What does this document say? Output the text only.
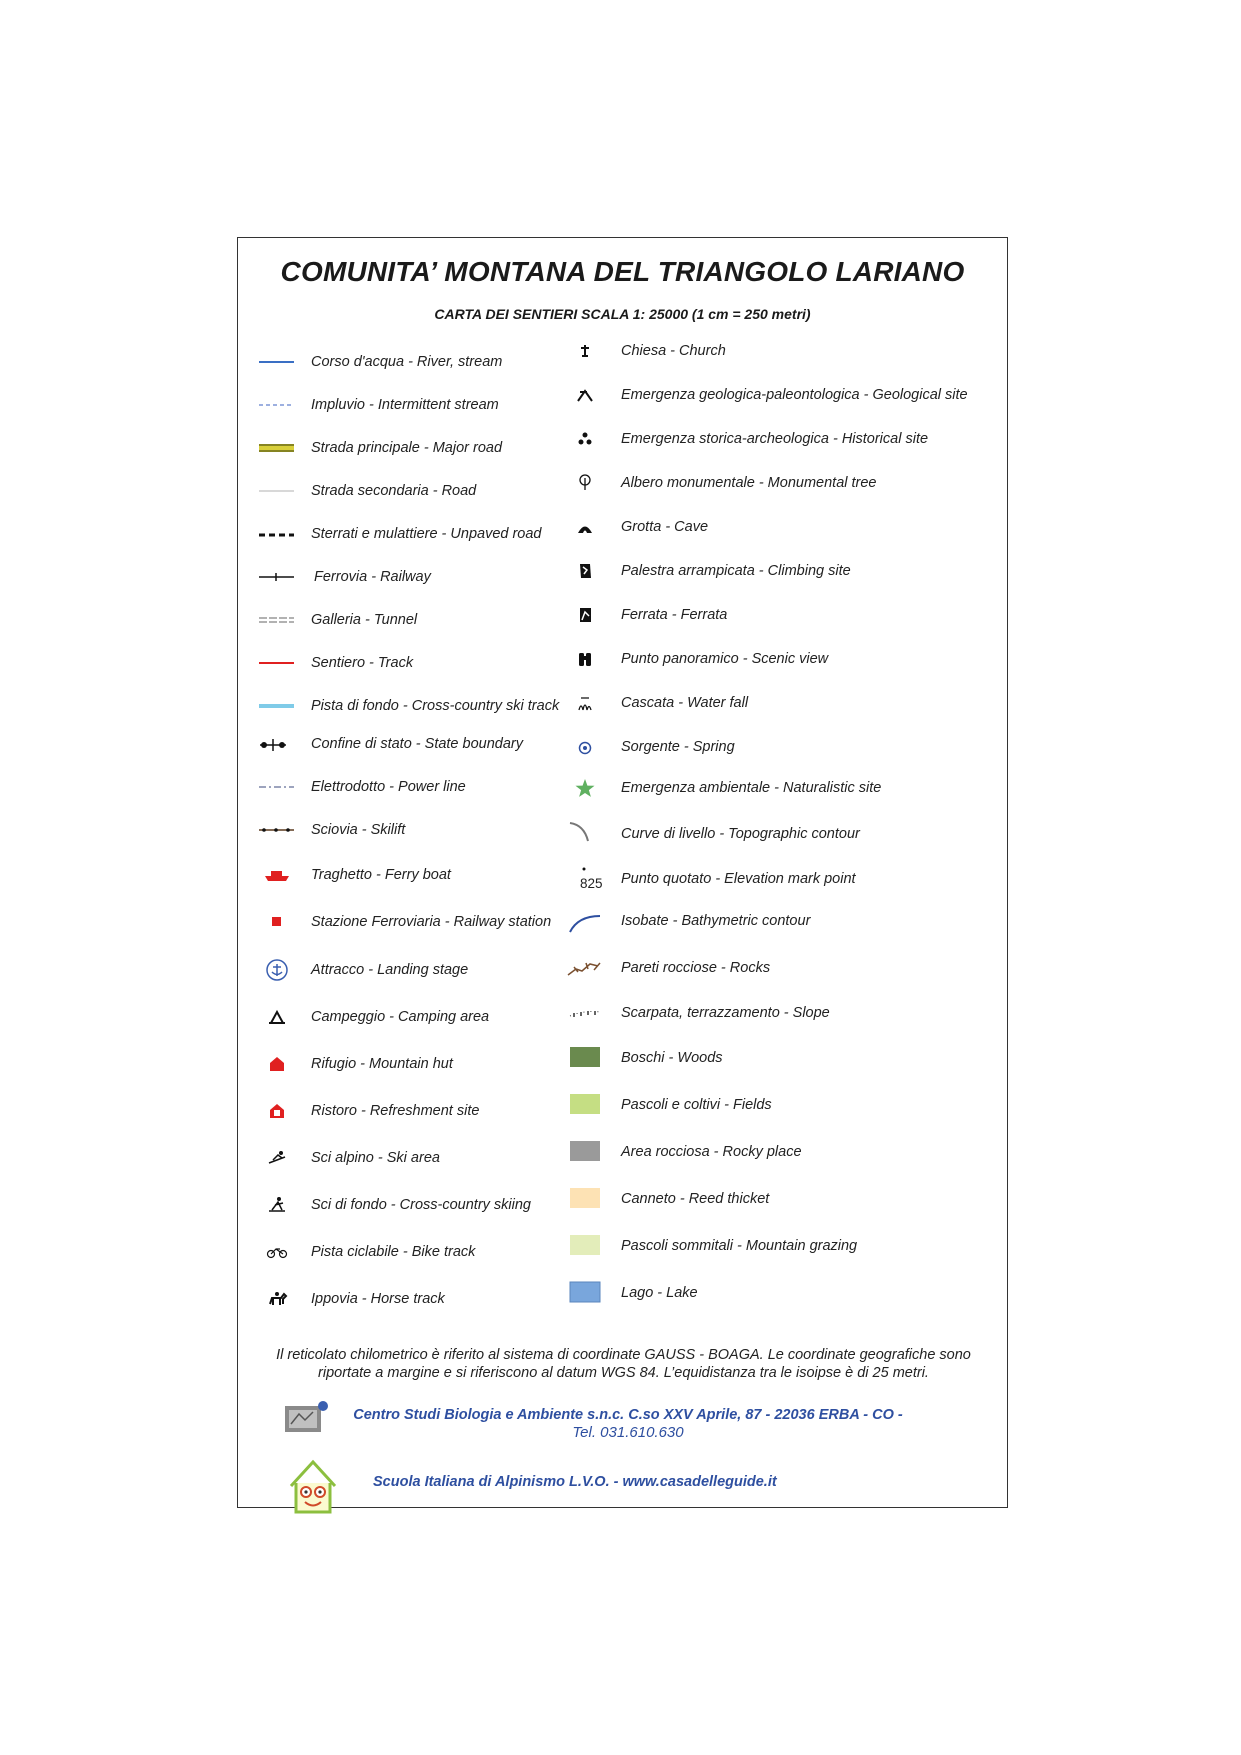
COMUNITA’ MONTANA DEL TRIANGOLO LARIANO
CARTA DEI SENTIERI SCALA 1: 25000 (1 cm = 250 metri)
Corso d'acqua - River, stream
Impluvio - Intermittent stream
Strada principale - Major road
Strada secondaria - Road
Sterrati e mulattiere - Unpaved road
Ferrovia - Railway
Galleria - Tunnel
Sentiero - Track
Pista di fondo - Cross-country ski track
Confine di stato - State boundary
Elettrodotto - Power line
Sciovia - Skilift
Traghetto - Ferry boat
Stazione Ferroviaria - Railway station
Attracco - Landing stage
Campeggio - Camping area
Rifugio - Mountain hut
Ristoro - Refreshment site
Sci alpino - Ski area
Sci di fondo - Cross-country skiing
Pista ciclabile - Bike track
Ippovia - Horse track
Chiesa - Church
Emergenza geologica-paleontologica - Geological site
Emergenza storica-archeologica - Historical site
Albero monumentale - Monumental tree
Grotta - Cave
Palestra arrampicata - Climbing site
Ferrata - Ferrata
Punto panoramico - Scenic view
Cascata - Water fall
Sorgente - Spring
Emergenza ambientale - Naturalistic site
Curve di livello - Topographic contour
825 Punto quotato - Elevation mark point
Isobate - Bathymetric contour
Pareti rocciose - Rocks
Scarpata, terrazzamento - Slope
Boschi - Woods
Pascoli e coltivi - Fields
Area rocciosa - Rocky place
Canneto - Reed thicket
Pascoli sommitali - Mountain grazing
Lago - Lake
Il reticolato chilometrico è riferito al sistema di coordinate GAUSS - BOAGA. Le coordinate geografiche sono riportate a margine e si riferiscono al datum WGS 84. L’equidistanza tra le isoipse è di 25 metri.
Centro Studi Biologia e Ambiente s.n.c. C.so XXV Aprile, 87 - 22036 ERBA - CO -
Tel. 031.610.630
Scuola Italiana di Alpinismo L.V.O. - www.casadelleguide.it
